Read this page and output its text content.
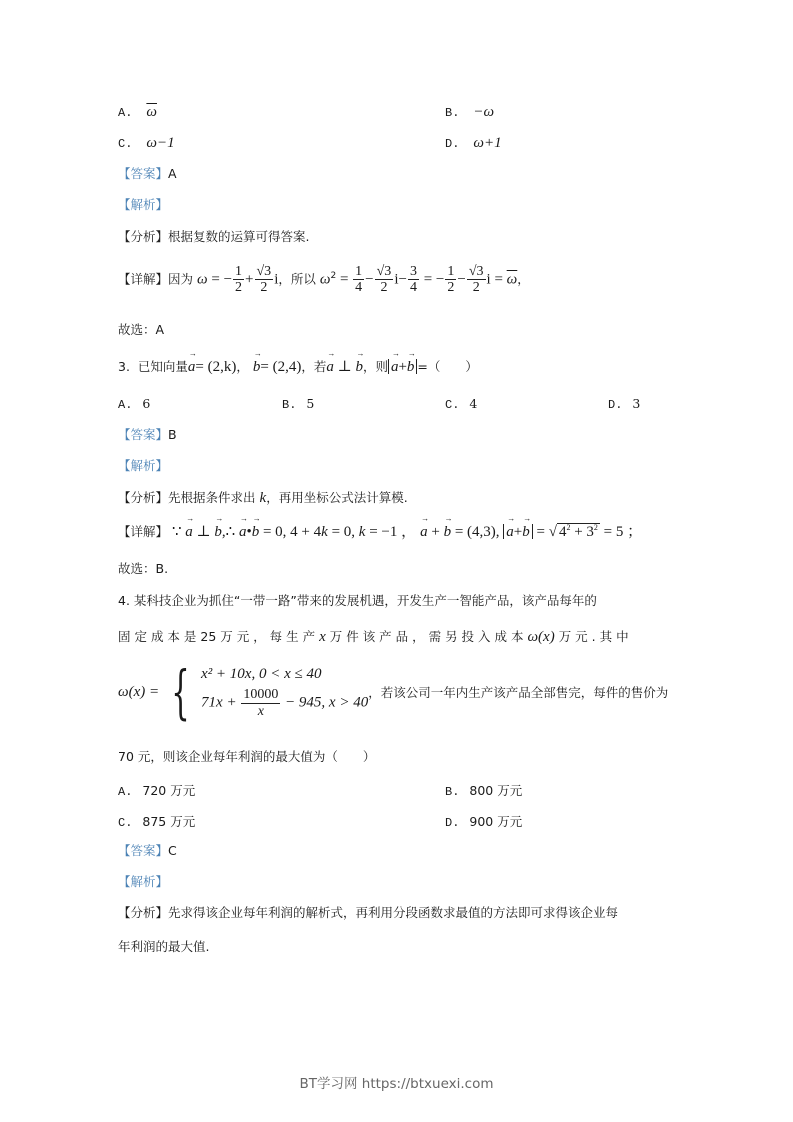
A. $\overline{\omega}$	B. −ω
C. ω−1	D. ω+1
【答案】A
【解析】
【分析】根据复数的运算可得答案.
【详解】因为 ω = − $\frac{1}{2} + \frac{√3}{2}$ i，所以 $\omega^2 = \frac{1}{4} - \frac{√3}{2} i- \frac{3}{4}$ = − $\frac{1}{2} - \frac{√3}{2}$ $i = \overline{\omega}$，
故选：A
3. 已知向量→ a= (2,k)， → b= (2,4)，若→ a ⊥ → b，则 → a+→ b =（　　）
A. 6	B. 5	C. 4	D. 3
【答案】B
【解析】
【分析】先根据条件求出 k，再用坐标公式法计算模.
【详解】 ∵ → a ⊥ → b,∴ → a•→ b = 0, 4 + 4k = 0, k = −1 ， → a + → b = (4,3), → a+→ b = √ $4^2 + 3^2 = 5$ ；
故选：B.
4. 某科技企业为抓住“一带一路”带来的发展机遇，开发生产一智能产品，该产品每年的
固 定 成 本 是 25 万 元 ， 每 生 产 x 万 件 该 产 品 ， 需 另 投 入 成 本 ω(x) 万 元 . 其 中
ω(x) = { x² + 10x, 0 < x ≤ 40
$71x + \frac{10000}{x} - 945$, x > 40
，若该公司一年内生产该产品全部售完，每件的售价为
70 元，则该企业每年利润的最大值为（　　）
A. 720 万元	B. 800 万元
C. 875 万元	D. 900 万元
【答案】C
【解析】
【分析】先求得该企业每年利润的解析式，再利用分段函数求最值的方法即可求得该企业每
年利润的最大值.
BT学习网 https://btxuexi.com
